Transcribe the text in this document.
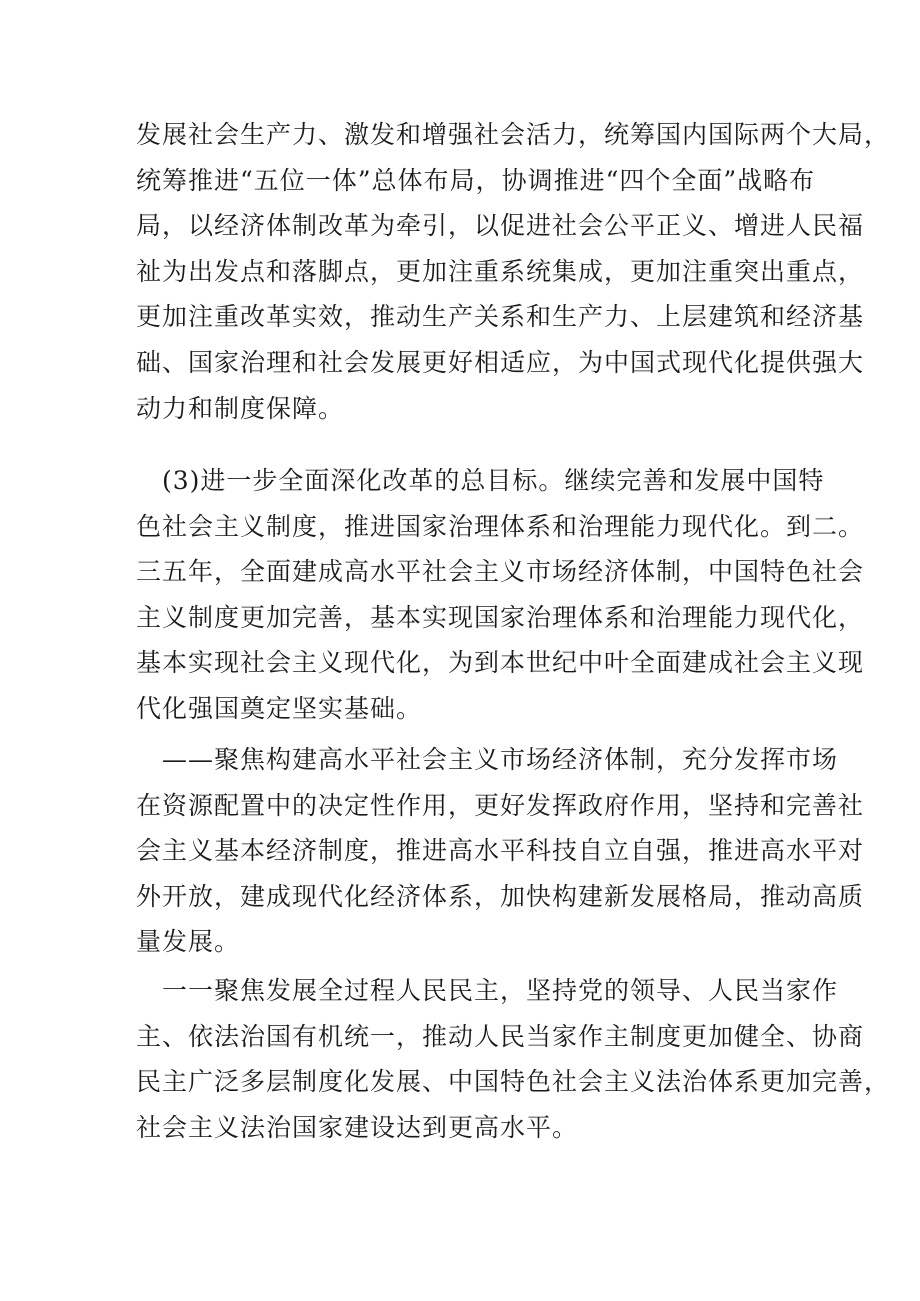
发展社会生产力、激发和增强社会活力，统筹国内国际两个大局，
统筹推进“五位一体”总体布局，协调推进“四个全面”战略布
局，以经济体制改革为牵引，以促进社会公平正义、增进人民福
祉为出发点和落脚点，更加注重系统集成，更加注重突出重点，
更加注重改革实效，推动生产关系和生产力、上层建筑和经济基
础、国家治理和社会发展更好相适应，为中国式现代化提供强大
动力和制度保障。

　(3)进一步全面深化改革的总目标。继续完善和发展中国特
色社会主义制度，推进国家治理体系和治理能力现代化。到二。
三五年，全面建成高水平社会主义市场经济体制，中国特色社会
主义制度更加完善，基本实现国家治理体系和治理能力现代化，
基本实现社会主义现代化，为到本世纪中叶全面建成社会主义现
代化强国奠定坚实基础。

　——聚焦构建高水平社会主义市场经济体制，充分发挥市场
在资源配置中的决定性作用，更好发挥政府作用，坚持和完善社
会主义基本经济制度，推进高水平科技自立自强，推进高水平对
外开放，建成现代化经济体系，加快构建新发展格局，推动高质
量发展。

　一一聚焦发展全过程人民民主，坚持党的领导、人民当家作
主、依法治国有机统一，推动人民当家作主制度更加健全、协商
民主广泛多层制度化发展、中国特色社会主义法治体系更加完善，
社会主义法治国家建设达到更高水平。
